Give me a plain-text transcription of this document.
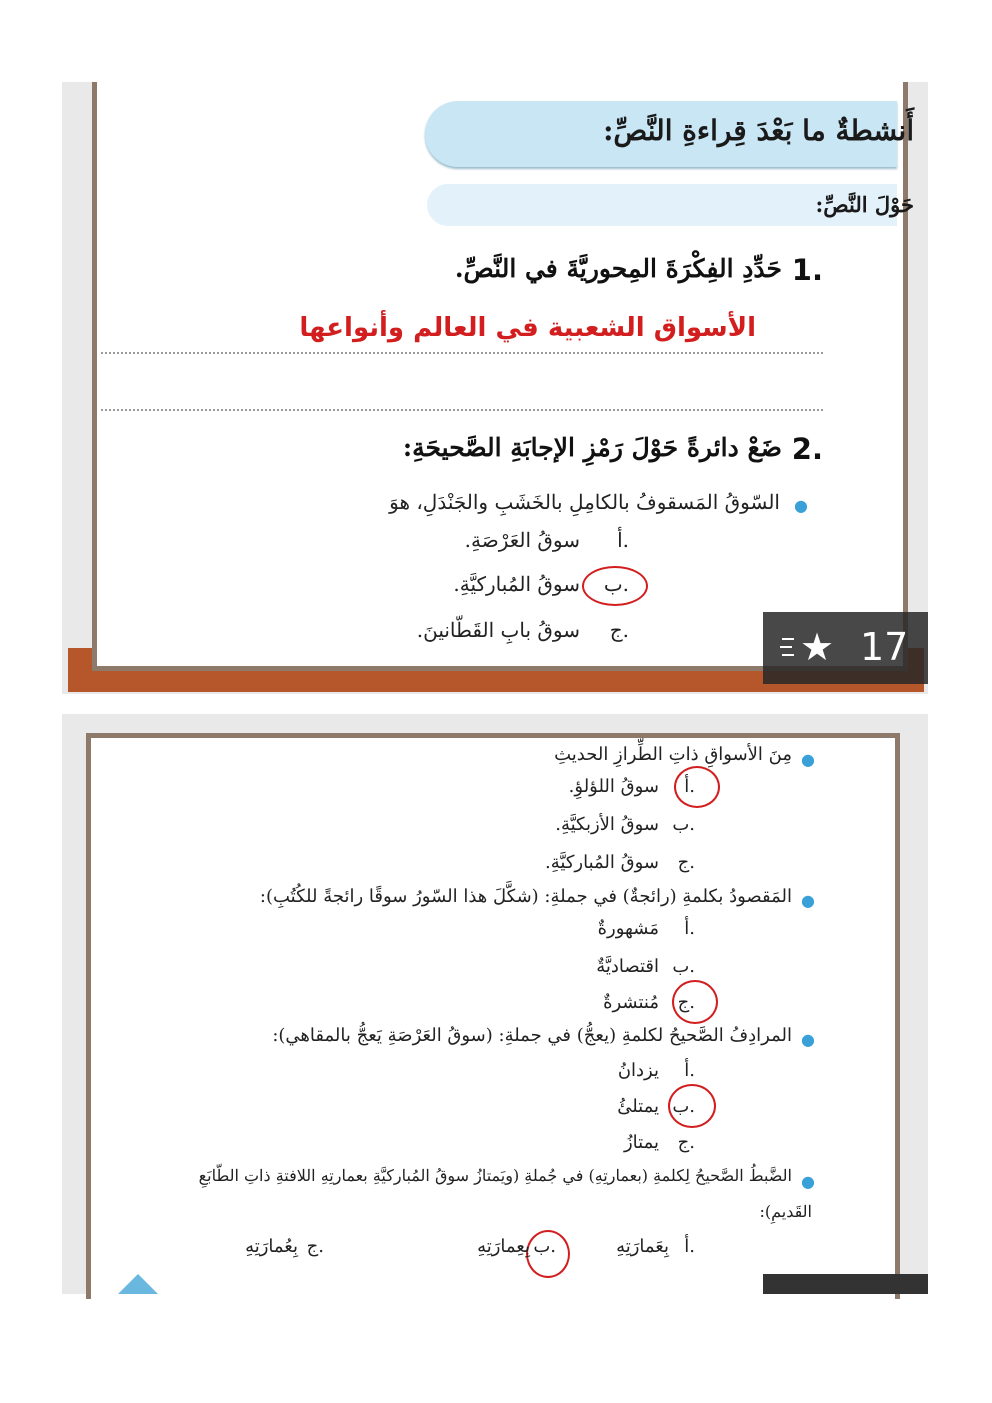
أَنشطةٌ ما بَعْدَ قِراءةِ النَّصِّ:
حَوْلَ النَّصِّ:
1.
حَدِّدِ الفِكْرَةَ المِحوريَّةَ في النَّصِّ.
الأسواق الشعبية في العالم وأنواعها
2.
ضَعْ دائرةً حَوْلَ رَمْزِ الإجابَةِ الصَّحيحَةِ:
●
السّوقُ المَسقوفُ بالكامِلِ بالخَشَبِ والجَنْدَلِ، هوَ
أ.
سوقُ العَرْصَةِ.
ب.
سوقُ المُباركيَّةِ.
ج.
سوقُ بابِ القَطّانينَ.	★ 17
●
مِنَ الأسواقِ ذاتِ الطِّرازِ الحديثِ
أ.
سوقُ اللؤلؤِ.
ب.
سوقُ الأزبكيَّةِ.
ج.
سوقُ المُباركيَّةِ.
●
المَقصودُ بكلمةِ (رائجةٌ) في جملةِ: (شكَّلَ هذا السّورُ سوقًا رائجةً للكُتُبِ):
أ.
مَشهورةٌ
ب.
اقتصاديَّةٌ
ج.
مُنتشرةٌ
●
المرادِفُ الصَّحيحُ لكلمةِ (يعجُّ) في جملةِ: (سوقُ العَرْصَةِ يَعجُّ بالمقاهي):
أ.
يزدانُ
ب.
يمتلئُ
ج.
يمتازُ
●
الضَّبطُ الصَّحيحُ لِكلمةِ (بعمارتِهِ) في جُملةِ (ويَمتازُ سوقُ المُباركيَّةِ بعمارتِهِ اللافتةِ ذاتِ الطّابَعِ
القَديمِ):
أ.
بِعَمارَتِهِ
ب.
بِعِمارَتِهِ
ج.
بِعُمارَتِهِ
